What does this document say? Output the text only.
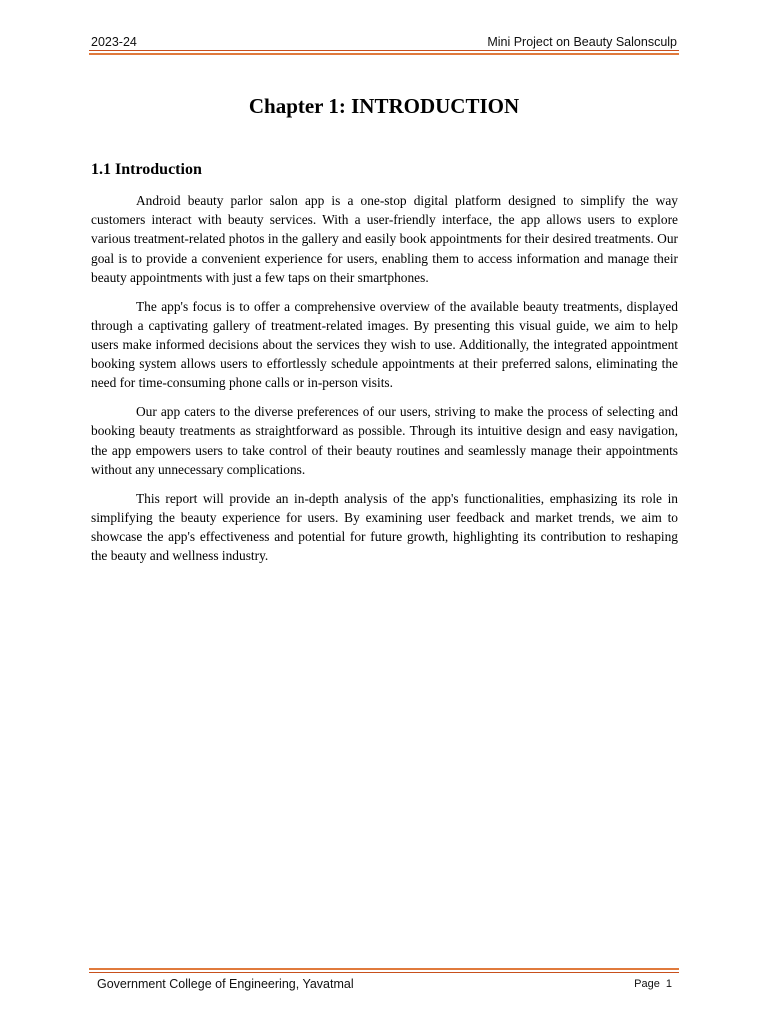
2023-24	Mini Project on Beauty Salonsculp
Chapter 1: INTRODUCTION
1.1 Introduction

Android beauty parlor salon app is a one-stop digital platform designed to simplify the way customers interact with beauty services. With a user-friendly interface, the app allows users to explore various treatment-related photos in the gallery and easily book appointments for their desired treatments. Our goal is to provide a convenient experience for users, enabling them to access information and manage their beauty appointments with just a few taps on their smartphones.

The app's focus is to offer a comprehensive overview of the available beauty treatments, displayed through a captivating gallery of treatment-related images. By presenting this visual guide, we aim to help users make informed decisions about the services they wish to use. Additionally, the integrated appointment booking system allows users to effortlessly schedule appointments at their preferred salons, eliminating the need for time-consuming phone calls or in-person visits.

Our app caters to the diverse preferences of our users, striving to make the process of selecting and booking beauty treatments as straightforward as possible. Through its intuitive design and easy navigation, the app empowers users to take control of their beauty routines and seamlessly manage their appointments without any unnecessary complications.

This report will provide an in-depth analysis of the app's functionalities, emphasizing its role in simplifying the beauty experience for users. By examining user feedback and market trends, we aim to showcase the app's effectiveness and potential for future growth, highlighting its contribution to reshaping the beauty and wellness industry.

Government College of Engineering, Yavatmal	Page 1
